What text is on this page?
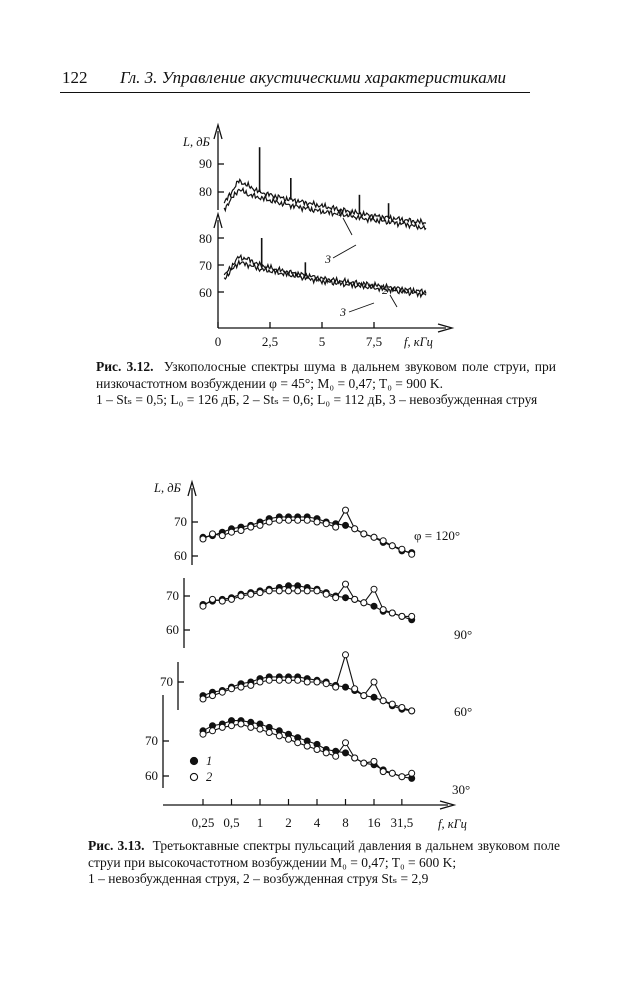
122 Гл. 3. Управление акустическими характеристиками
L, дБ
90
80
80
70
60
0	2,5	5	7,5 f, кГц
1
3
2
3
Рис. 3.12. Узкополосные спектры шума в дальнем звуковом поле струи, при низкочастотном возбуждении φ = 45°; M₀ = 0,47; T₀ = 900 K.
1 – Stₛ = 0,5; L₀ = 126 дБ, 2 – Stₛ = 0,6; L₀ = 112 дБ, 3 – невозбужденная струя
0,25 0,5 1 2 4 8 16 31,5
L, дБ
70
60
70
60
70
70
60
φ = 120°
90°
60°
30°
1
2
f, кГц
Рис. 3.13. Третьоктавные спектры пульсаций давления в дальнем звуковом поле струи при высокочастотном возбуждении M₀ = 0,47; T₀ = 600 K;
1 – невозбужденная струя, 2 – возбужденная струя Stₛ = 2,9
